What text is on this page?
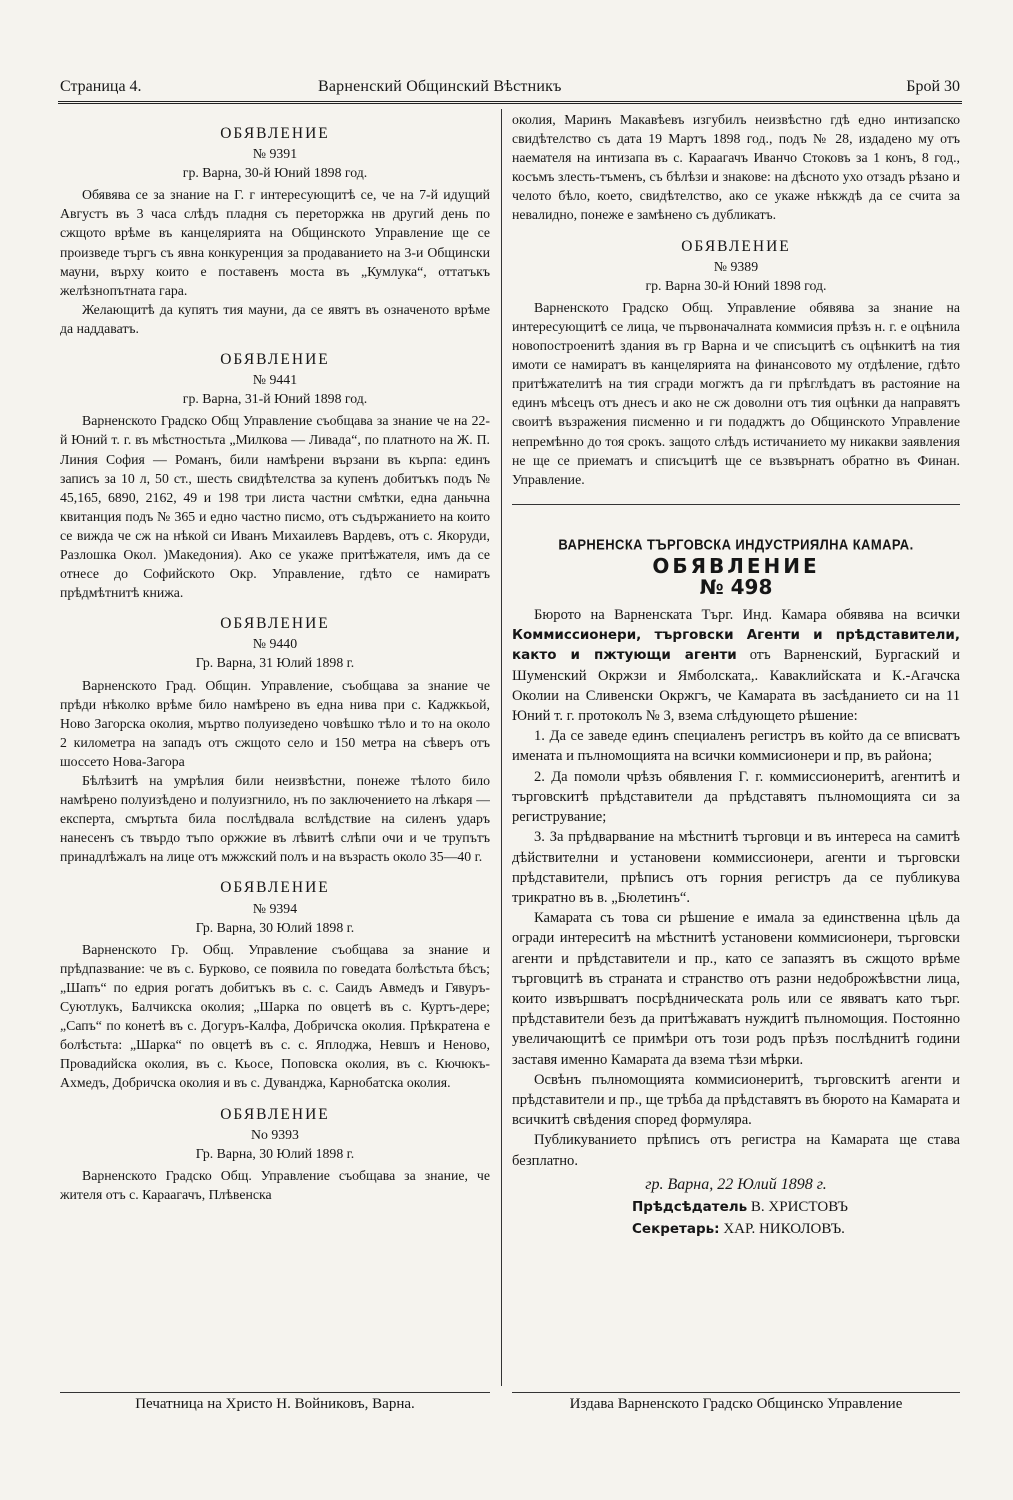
Страница 4.	Варненский Общинский Вѣстникъ	Брой 30
ОБЯВЛЕНИЕ
№ 9391
гр. Варна, 30-й Юний 1898 год.

Обявява се за знание на Г. г интересующитѣ се, че на 7-й идущий Августъ въ 3 часа слѣдъ пладня съ переторжка нв другий день по сжщото врѣме въ канцелярията на Общинското Управление ще се произведе търгъ съ явна конкуренция за продаванието на 3-и Общински мауни, върху които е поставенъ моста въ „Кумлука“, оттатъкъ желѣзнопътната гара.

Желающитѣ да купятъ тия мауни, да се явятъ въ означеното врѣме да наддаватъ.

ОБЯВЛЕНИЕ
№ 9441
гр. Варна, 31-й Юний 1898 год.

Варненското Градско Общ Управление съобщава за знание че на 22-й Юний т. г. въ мѣстностьта „Милкова — Ливада“, по платното на Ж. П. Линия София — Романъ, били намѣрени вързани въ кърпа: единъ записъ за 10 л, 50 ст., шесть свидѣтелства за купенъ добитъкъ подъ № 45,165, 6890, 2162, 49 и 198 три листа частни смѣтки, една даньчна квитанция подъ № 365 и едно частно писмо, отъ съдържанието на които се вижда че сж на нѣкой си Иванъ Михаилевъ Вардевъ, отъ с. Якоруди, Разлошка Окол. )Македония). Ако се укаже притѣжателя, имъ да се отнесе до Софийското Окр. Управление, гдѣто се намиратъ прѣдмѣтнитѣ книжа.

ОБЯВЛЕНИЕ
№ 9440
Гр. Варна, 31 Юлий 1898 г.

Варненското Град. Общин. Управление, съобщава за знание че прѣди нѣколко врѣме било намѣрено въ една нива при с. Каджкьой, Ново Загорска околия, мъртво полуизедено човѣшко тѣло и то на около 2 километра на западъ отъ сжщото село и 150 метра на сѣверъ отъ шоссето Нова-Загора

Бѣлѣзитѣ на умрѣлия били неизвѣстни, понеже тѣлото било намѣрено полуизѣдено и полуизгнило, нъ по заключението на лѣкаря — експерта, смъртьта била послѣдвала вслѣдствие на силенъ ударъ нанесенъ съ твърдо тъпо оржжие въ лѣвитѣ слѣпи очи и че трупътъ принадлѣжалъ на лице отъ мжжский полъ и на възрасть около 35—40 г.

ОБЯВЛЕНИЕ
№ 9394
Гр. Варна, 30 Юлий 1898 г.

Варненското Гр. Общ. Управление съобщава за знание и прѣдпазвание: че въ с. Бурково, се появила по говедата болѣстьта бѣсъ; „Шапъ“ по едрия рогатъ добитъкъ въ с. с. Саидъ Авмедъ и Гявуръ-Суютлукъ, Балчикска околия; „Шарка по овцетѣ въ с. Куртъ-дере; „Сапъ“ по конетѣ въ с. Догуръ-Калфа, Добричска околия. Прѣкратена е болѣстьта: „Шарка“ по овцетѣ въ с. с. Яплоджа, Невшъ и Неново, Провадийска околия, въ с. Кьосе, Поповска околия, въ с. Кючюкъ- Ахмедъ, Добричска околия и въ с. Дуванджа, Карнобатска околия.

ОБЯВЛЕНИЕ
No 9393
Гр. Варна, 30 Юлий 1898 г.

Варненското Градско Общ. Управление съобщава за знание, че жителя отъ с. Караагачъ, Плѣвенска

околия, Маринъ Макавѣевъ изгубилъ неизвѣстно гдѣ едно интизапско свидѣтелство съ дата 19 Мартъ 1898 год., подъ № 28, издадено му отъ наемателя на интизапа въ с. Караагачъ Иванчо Стоковъ за 1 конъ, 8 год., косъмъ злесть-тъменъ, съ бѣлѣзи и знакове: на дѣсното ухо отзадъ рѣзано и челото бѣло, което, свидѣтелство, ако се укаже нѣкждѣ да се счита за невалидно, понеже е замѣнено съ дубликатъ.

ОБЯВЛЕНИЕ
№ 9389
гр. Варна 30-й Юний 1898 год.

Варненското Градско Общ. Управление обявява за знание на интересующитѣ се лица, че първоначалната коммисия прѣзъ н. г. е оцѣнила новопостроенитѣ здания въ гр Варна и че списъцитѣ съ оцѣнкитѣ на тия имоти се намиратъ въ канцелярията на финансовото му отдѣление, гдѣто притѣжателитѣ на тия сгради могжтъ да ги прѣглѣдатъ въ растояние на единъ мѣсецъ отъ днесъ и ако не сж доволни отъ тия оцѣнки да направятъ своитѣ възражения писменно и ги подаджтъ до Общинското Управление непремѣнно до тоя срокъ. защото слѣдъ истичанието му никакви заявления не ще се приематъ и списъцитѣ ще се възвърнатъ обратно въ Финан. Управление.

ВАРНЕНСКА ТЪРГОВСКА ИНДУСТРИЯЛНА КАМАРА.
ОБЯВЛЕНИЕ
№ 498

Бюрото на Варненската Търг. Инд. Камара обявява на всички Коммиссионери, търговски Агенти и прѣдставители, както и пжтующи агенти отъ Варненский, Бургаский и Шуменский Окржзи и Ямболската,. Каваклийската и К.-Агачска Околии на Сливенски Окржгъ, че Камарата въ засѣданието си на 11 Юний т. г. протоколъ № 3, взема слѣдующето рѣшение:

1. Да се заведе единъ специаленъ регистръ въ който да се вписватъ имената и пълномощията на всички коммисионери и пр, въ района;

2. Да помоли чрѣзъ обявления Г. г. коммиссионеритѣ, агентитѣ и търговскитѣ прѣдставители да прѣдставятъ пълномощията си за региструвание;

3. За прѣдварвание на мѣстнитѣ търговци и въ интереса на самитѣ дѣйствителни и установени коммиссионери, агенти и търговски прѣдставители, прѣписъ отъ горния регистръ да се публикува трикратно въ в. „Бюлетинъ“.

Камарата съ това си рѣшение е имала за единственна цѣль да огради интереситѣ на мѣстнитѣ установени коммисионери, търговски агенти и прѣдставители и пр., като се запазятъ въ сжщото врѣме търговцитѣ въ страната и странство отъ разни недоброжѣвстни лица, които извършватъ посрѣдническата роль или се явяватъ като търг. прѣдставители безъ да притѣжаватъ нуждитѣ пълномощия. Постоянно увеличающитѣ се примѣри отъ този родъ прѣзъ послѣднитѣ години заставя именно Камарата да вземa тѣзи мѣрки.

Освѣнъ пълномощията коммисионеритѣ, търговскитѣ агенти и прѣдставители и пр., ще трѣба да прѣдставятъ въ бюрото на Камарата и всичкитѣ свѣдения според формуляра.

Публикуванието прѣписъ отъ регистра на Камарата ще става безплатно.

гр. Варна, 22 Юлий 1898 г.
Прѣдсѣдатель В. ХРИСТОВЪ
Секретарь: ХАР. НИКОЛОВЪ.
Печатница на Христо Н. Войниковъ, Варна.	Издава Варненското Градско Общинско Управление
